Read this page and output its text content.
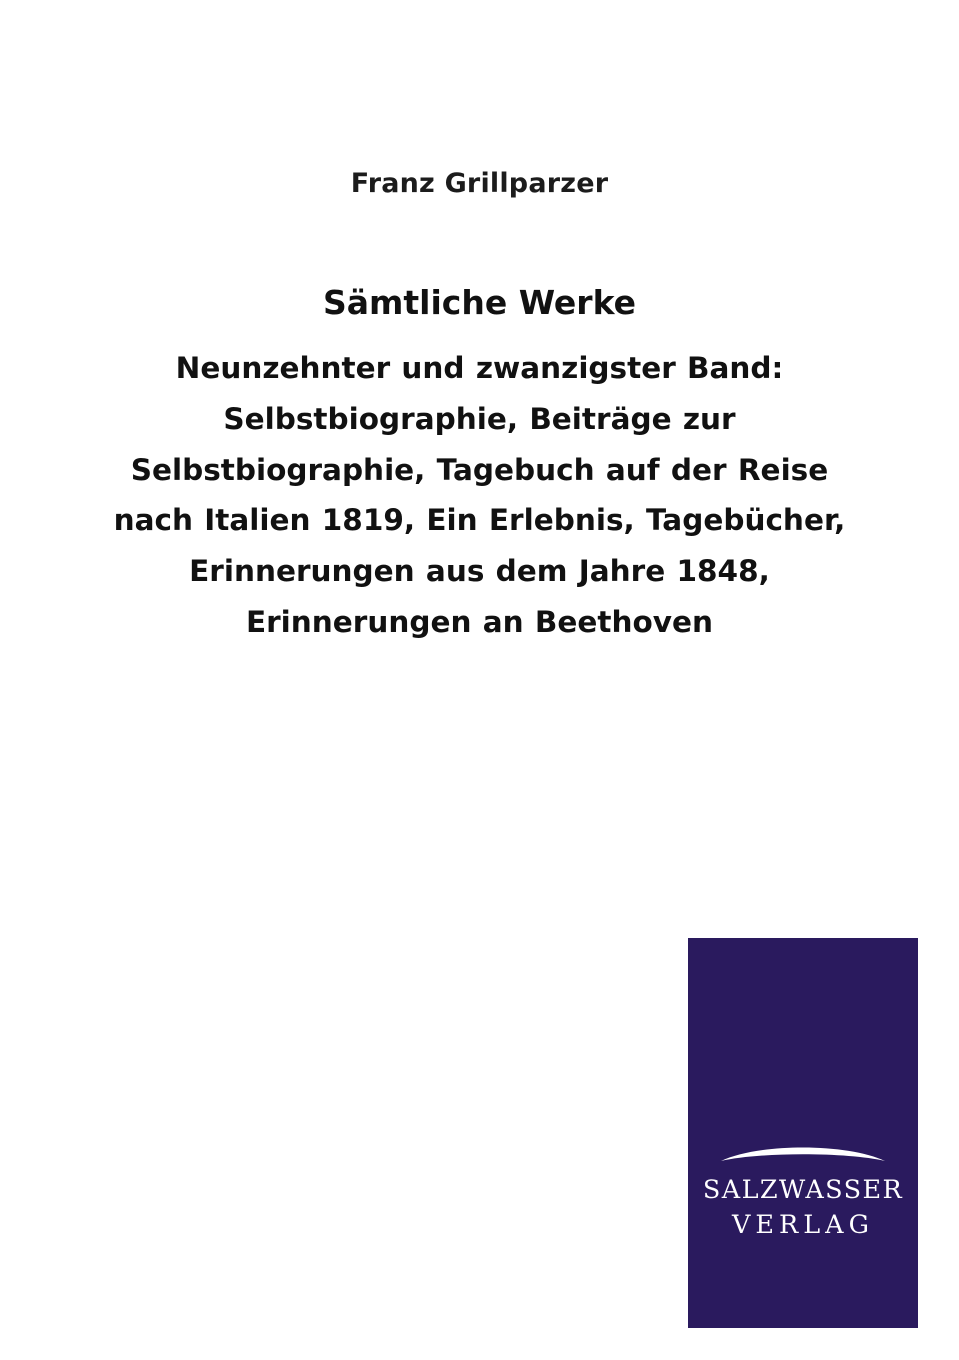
Franz Grillparzer
Sämtliche Werke
Neunzehnter und zwanzigster Band: Selbstbiographie, Beiträge zur Selbstbiographie, Tagebuch auf der Reise nach Italien 1819, Ein Erlebnis, Tagebücher, Erinnerungen aus dem Jahre 1848, Erinnerungen an Beethoven
SALZWASSER
VERLAG
